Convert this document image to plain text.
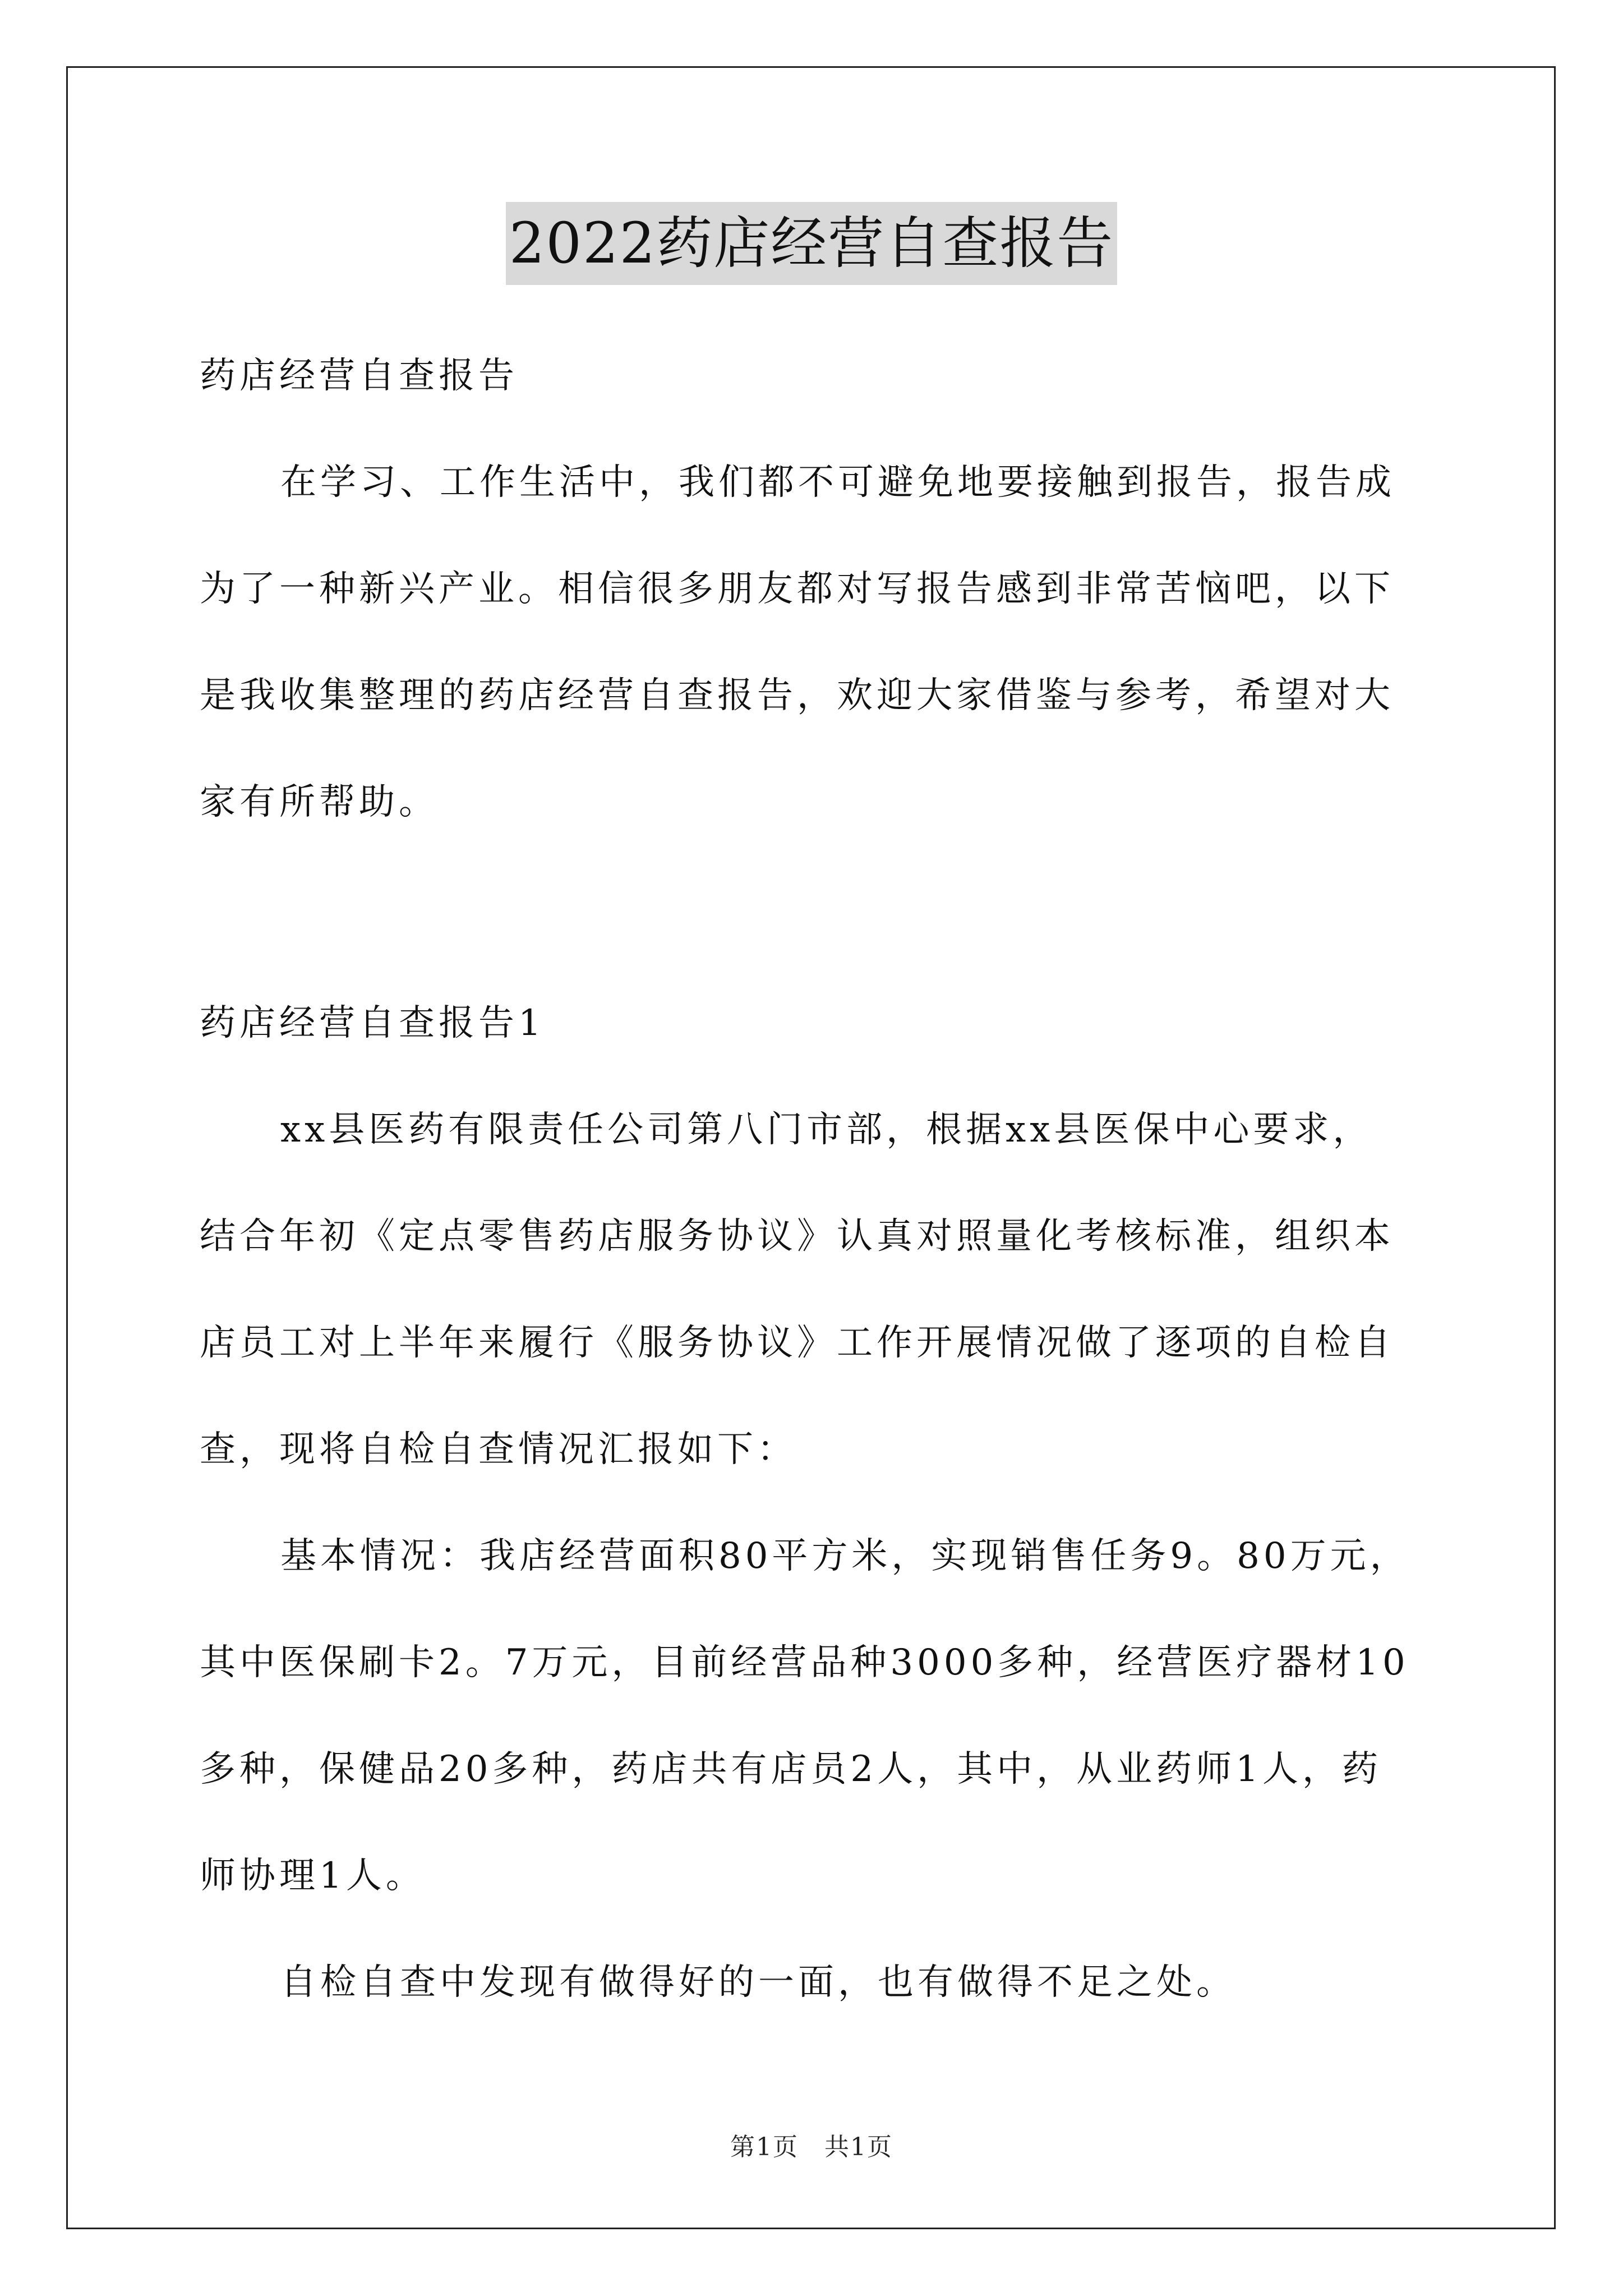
2022药店经营自查报告

药店经营自查报告

在学习、工作生活中，我们都不可避免地要接触到报告，报告成

为了一种新兴产业。相信很多朋友都对写报告感到非常苦恼吧，以下

是我收集整理的药店经营自查报告，欢迎大家借鉴与参考，希望对大

家有所帮助。

药店经营自查报告1

xx县医药有限责任公司第八门市部，根据xx县医保中心要求，

结合年初《定点零售药店服务协议》认真对照量化考核标准，组织本

店员工对上半年来履行《服务协议》工作开展情况做了逐项的自检自

查，现将自检自查情况汇报如下：

基本情况：我店经营面积80平方米，实现销售任务9。80万元，

其中医保刷卡2。7万元，目前经营品种3000多种，经营医疗器材10

多种，保健品20多种，药店共有店员2人，其中，从业药师1人，药

师协理1人。

自检自查中发现有做得好的一面，也有做得不足之处。

第1页　共1页
